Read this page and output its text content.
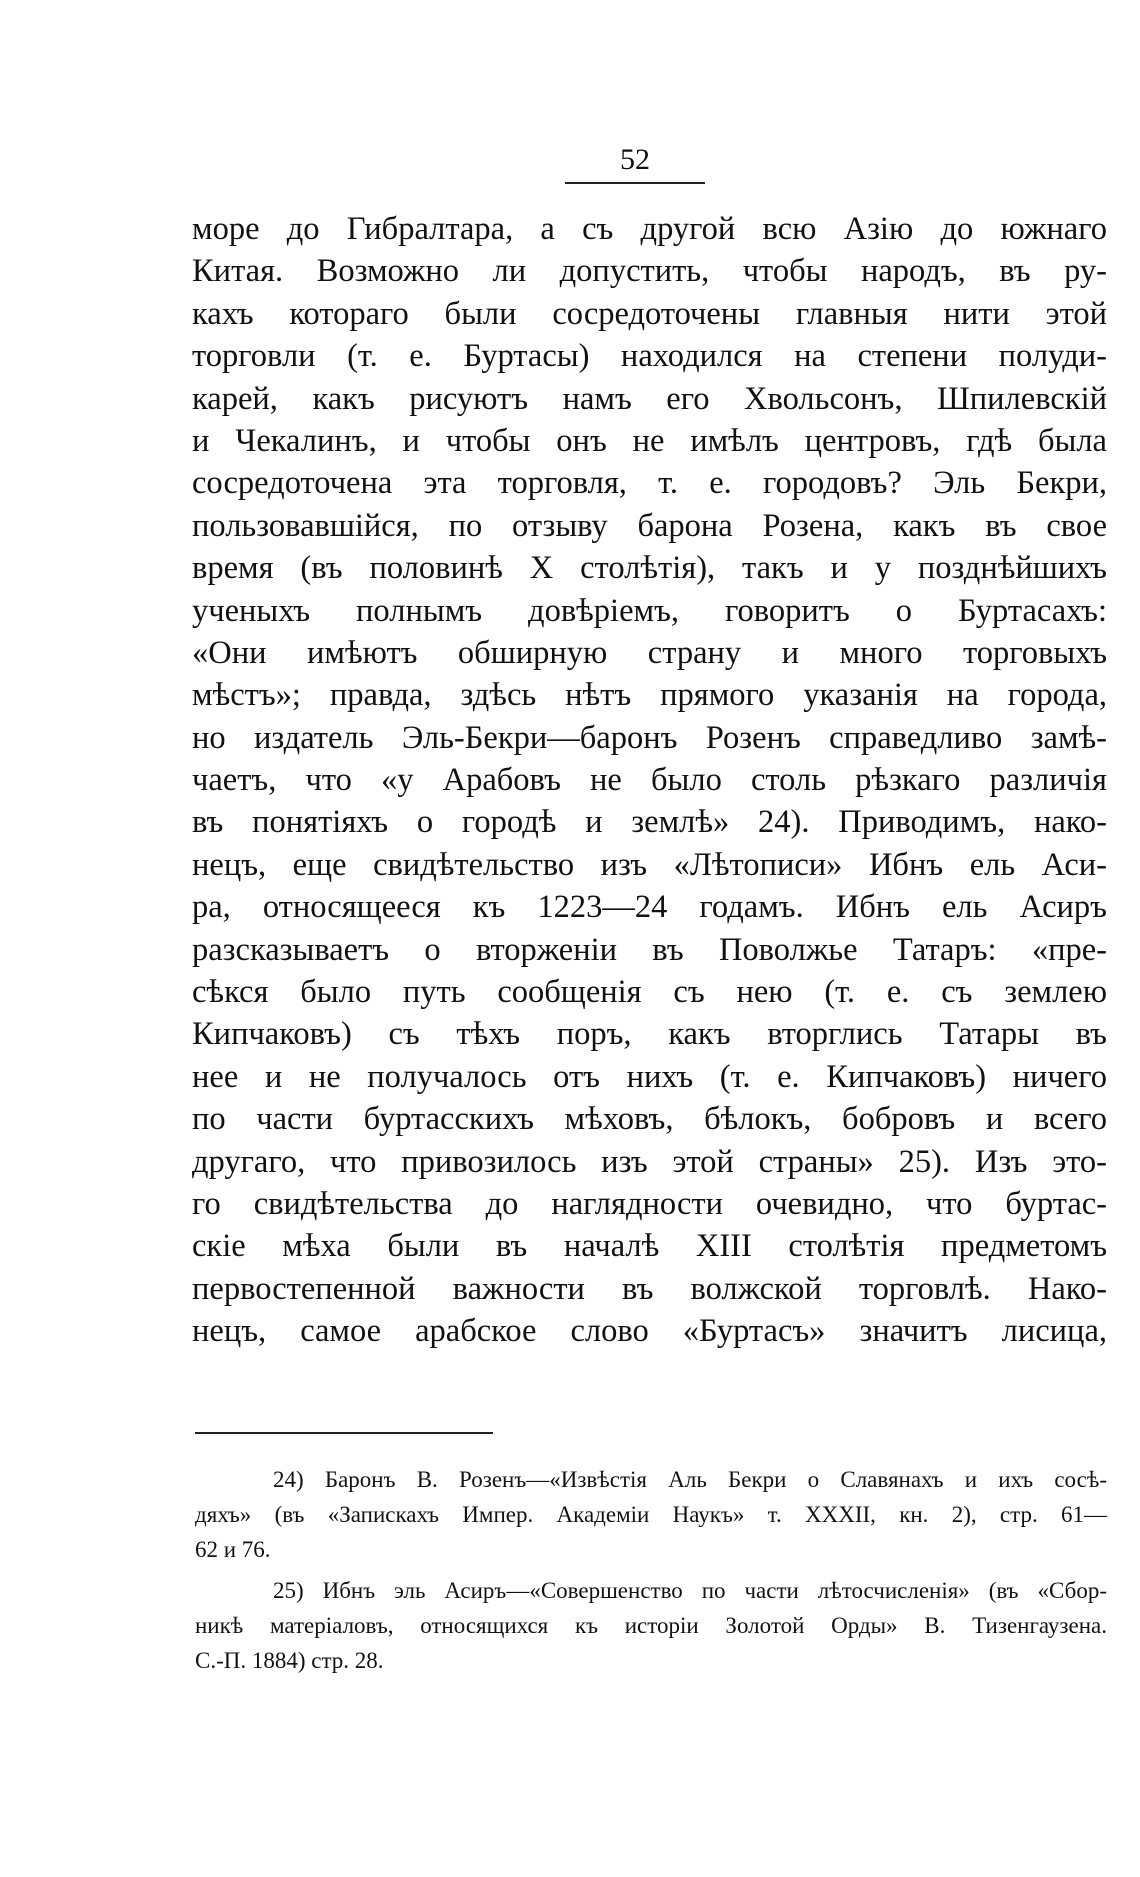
52
море до Гибралтара, а съ другой всю Азію до южнаго
Китая. Возможно ли допустить, чтобы народъ, въ ру-
кахъ котораго были сосредоточены главныя нити этой
торговли (т. е. Буртасы) находился на степени полуди-
карей, какъ рисуютъ намъ его Хвольсонъ, Шпилевскій
и Чекалинъ, и чтобы онъ не имѣлъ центровъ, гдѣ была
сосредоточена эта торговля, т. е. городовъ? Эль Бекри,
пользовавшійся, по отзыву барона Розена, какъ въ свое
время (въ половинѣ X столѣтія), такъ и у позднѣйшихъ
ученыхъ полнымъ довѣріемъ, говоритъ о Буртасахъ:
«Они имѣютъ обширную страну и много торговыхъ
мѣстъ»; правда, здѣсь нѣтъ прямого указанія на города,
но издатель Эль-Бекри—баронъ Розенъ справедливо замѣ-
чаетъ, что «у Арабовъ не было столь рѣзкаго различія
въ понятіяхъ о городѣ и землѣ» 24). Приводимъ, нако-
нецъ, еще свидѣтельство изъ «Лѣтописи» Ибнъ ель Аси-
ра, относящееся къ 1223—24 годамъ. Ибнъ ель Асиръ
разсказываетъ о вторженіи въ Поволжье Татаръ: «пре-
сѣкся было путь сообщенія съ нею (т. е. съ землею
Кипчаковъ) съ тѣхъ поръ, какъ вторглись Татары въ
нее и не получалось отъ нихъ (т. е. Кипчаковъ) ничего
по части буртасскихъ мѣховъ, бѣлокъ, бобровъ и всего
другаго, что привозилось изъ этой страны» 25). Изъ это-
го свидѣтельства до наглядности очевидно, что буртас-
скіе мѣха были въ началѣ XIII столѣтія предметомъ
первостепенной важности въ волжской торговлѣ. Нако-
нецъ, самое арабское слово «Буртасъ» значитъ лисица,
24) Баронъ В. Розенъ—«Извѣстія Аль Бекри о Славянахъ и ихъ сосѣ-
дяхъ» (въ «Запискахъ Импер. Академіи Наукъ» т. XXXII, кн. 2), стр. 61—
62 и 76.
25) Ибнъ эль Асиръ—«Совершенство по части лѣтосчисленія» (въ «Сбор-
никѣ матеріаловъ, относящихся къ исторіи Золотой Орды» В. Тизенгаузена.
С.-П. 1884) стр. 28.
